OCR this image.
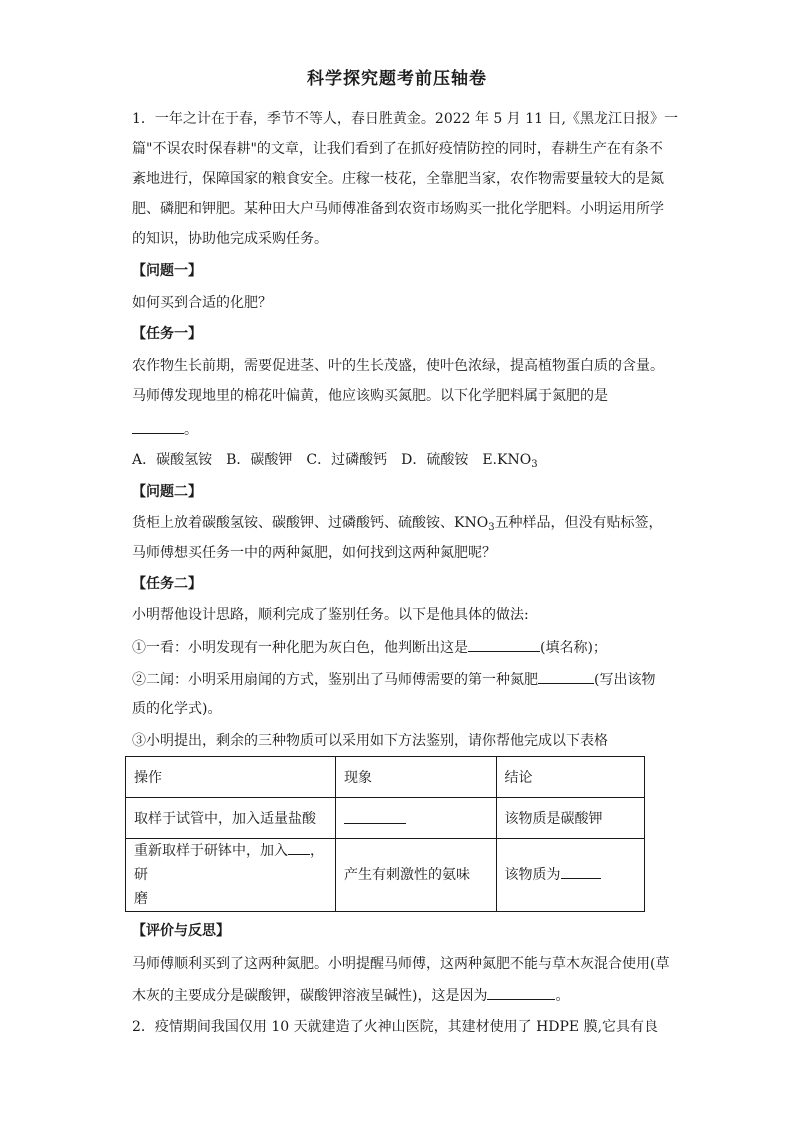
科学探究题考前压轴卷
1．一年之计在于春，季节不等人，春日胜黄金。2022 年 5 月 11 日,《黑龙江日报》一
篇"不误农时保春耕"的文章，让我们看到了在抓好疫情防控的同时，春耕生产在有条不
紊地进行，保障国家的粮食安全。庄稼一枝花，全靠肥当家，农作物需要量较大的是氮
肥、磷肥和钾肥。某种田大户马师傅准备到农资市场购买一批化学肥料。小明运用所学
的知识，协助他完成采购任务。
【问题一】
如何买到合适的化肥？
【任务一】
农作物生长前期，需要促进茎、叶的生长茂盛，使叶色浓绿，提高植物蛋白质的含量。
马师傅发现地里的棉花叶偏黄，他应该购买氮肥。以下化学肥料属于氮肥的是
。
A．碳酸氢铵　B．碳酸钾　C．过磷酸钙　D．硫酸铵　$E.KNO_3$
【问题二】
货柜上放着碳酸氢铵、碳酸钾、过磷酸钙、硫酸铵、$KNO_3$五种样品，但没有贴标签，
马师傅想买任务一中的两种氮肥，如何找到这两种氮肥呢？
【任务二】
小明帮他设计思路，顺利完成了鉴别任务。以下是他具体的做法:
①一看：小明发现有一种化肥为灰白色，他判断出这是	(填名称)；
②二闻：小明采用扇闻的方式，鉴别出了马师傅需要的第一种氮肥	(写出该物
质的化学式)。
③小明提出，剩余的三种物质可以采用如下方法鉴别，请你帮他完成以下表格
操作	现象	结论
取样于试管中，加入适量盐酸		该物质是碳酸钾
重新取样于研钵中，加入 ，研
磨	产生有刺激性的氨味	该物质为
【评价与反思】
马师傅顺利买到了这两种氮肥。小明提醒马师傅，这两种氮肥不能与草木灰混合使用(草
木灰的主要成分是碳酸钾，碳酸钾溶液呈碱性)，这是因为	。
2．疫情期间我国仅用 10 天就建造了火神山医院，其建材使用了 HDPE 膜,它具有良
